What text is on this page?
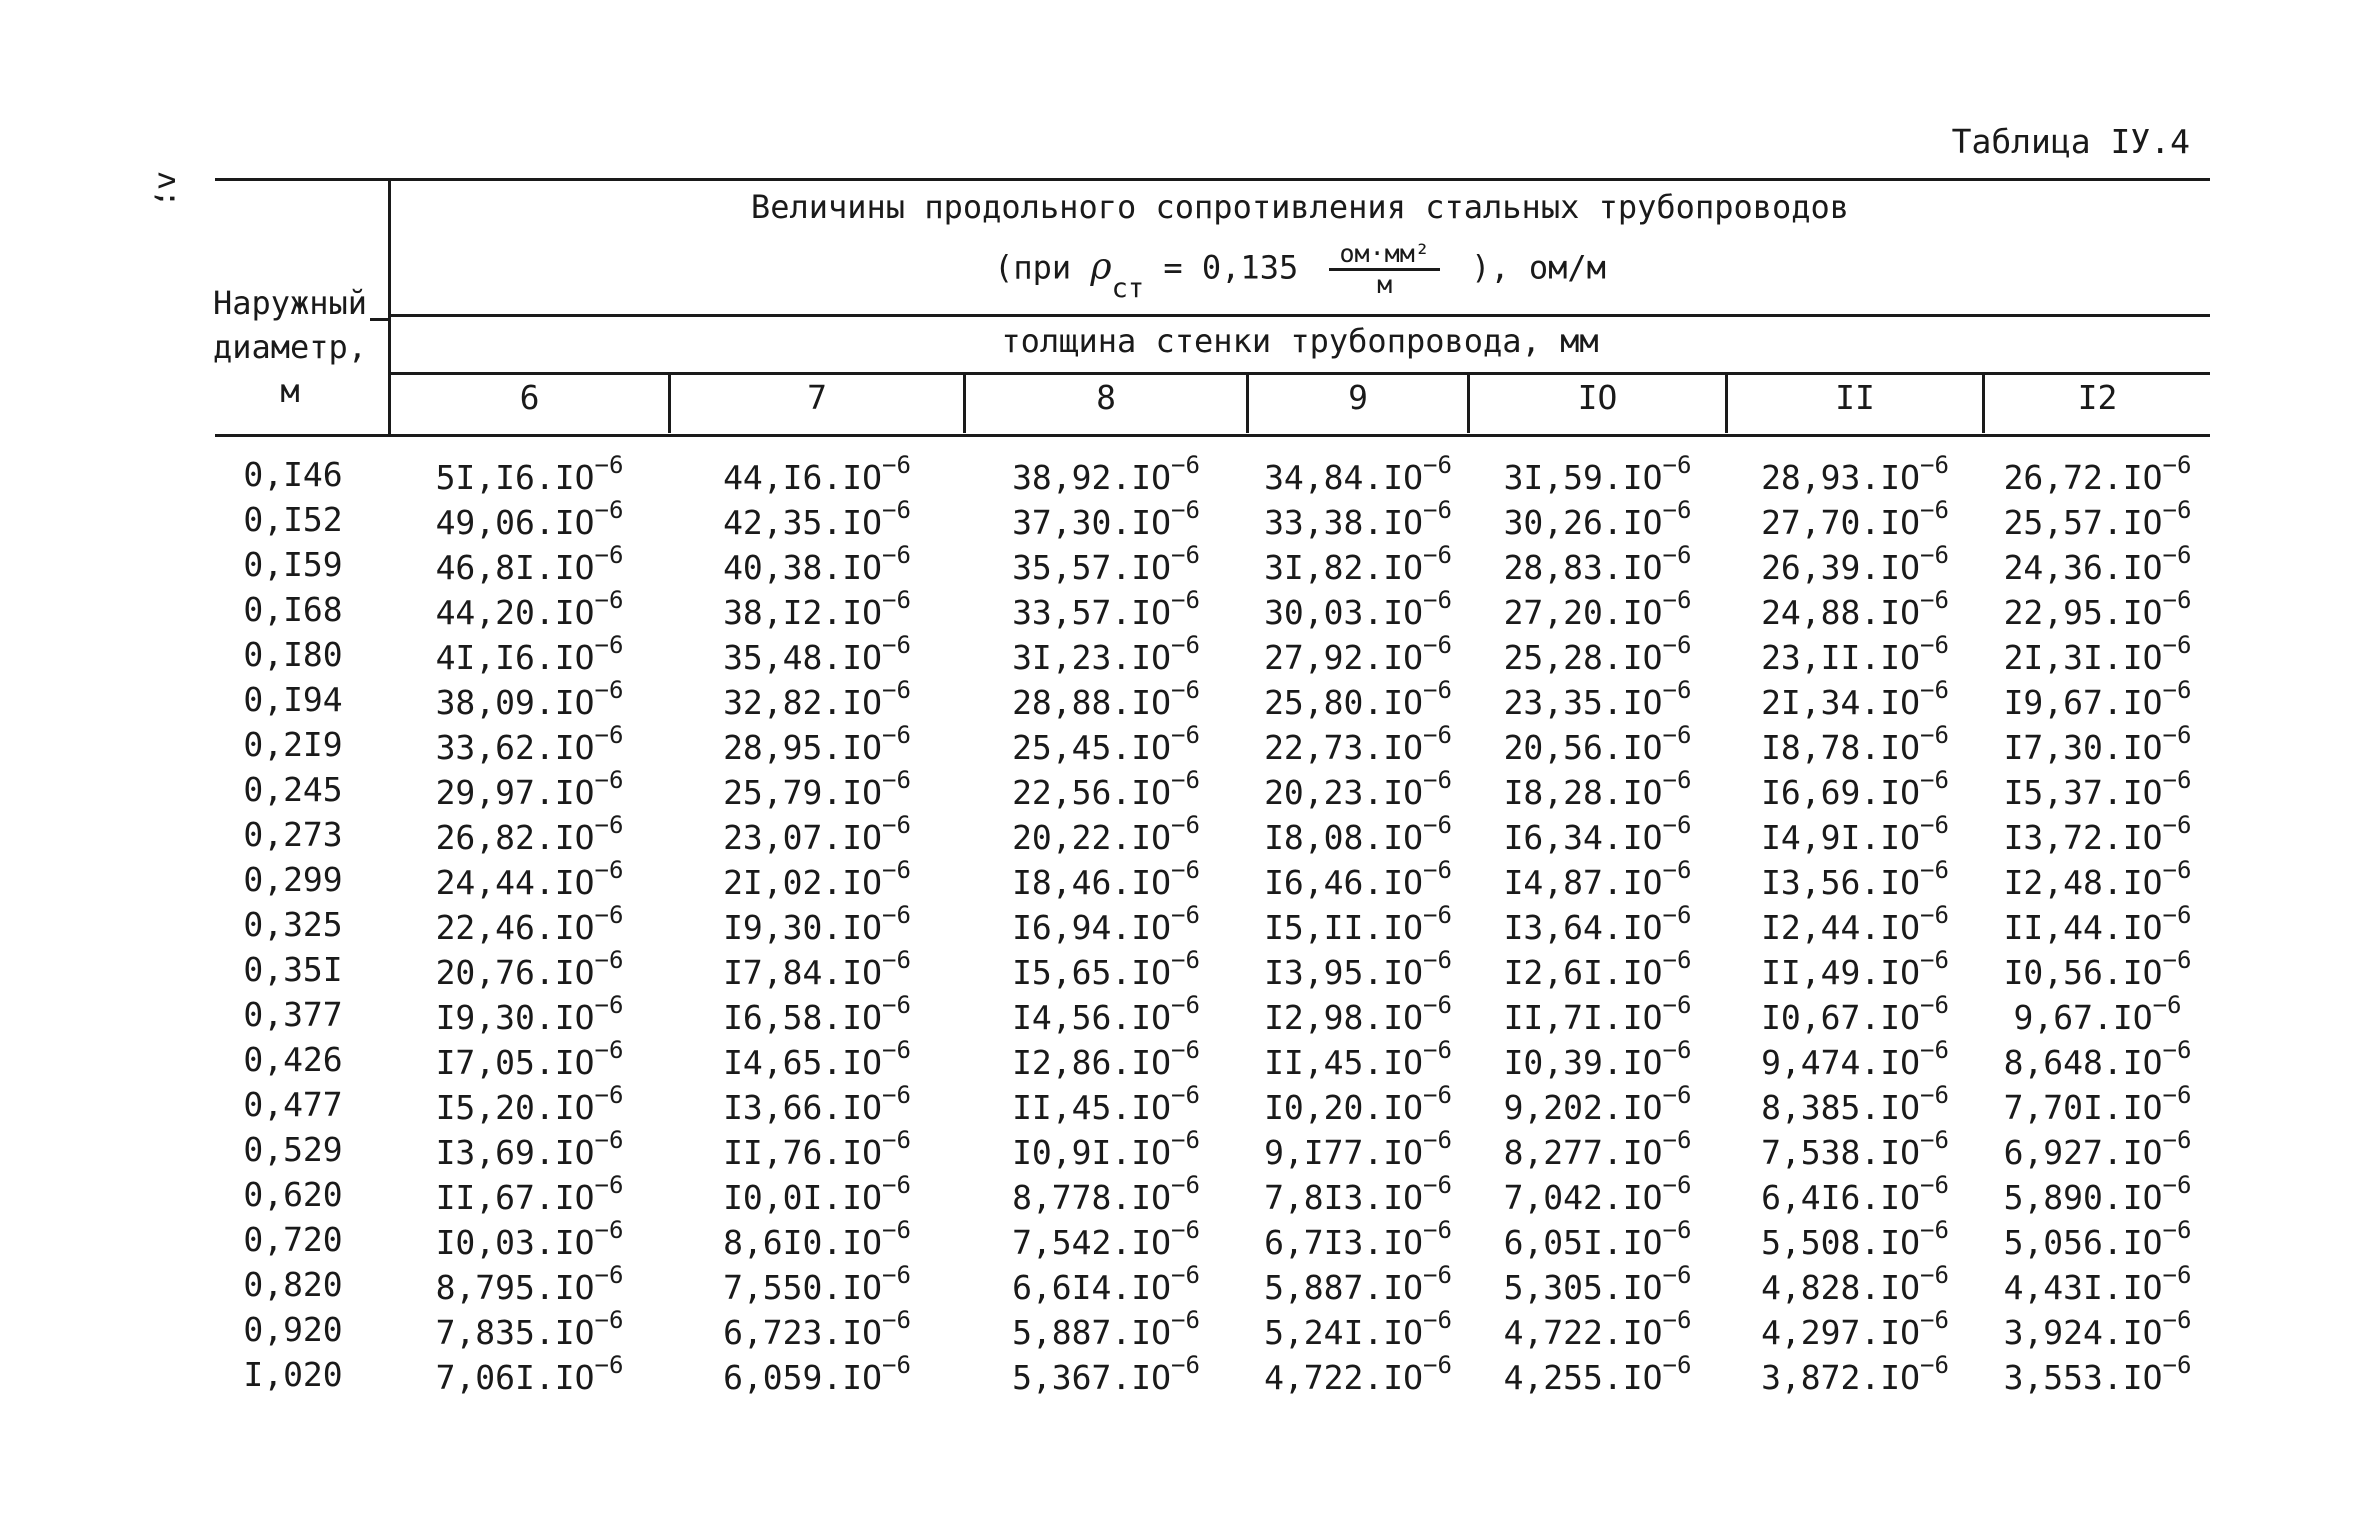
Таблица IУ.4
ʌ;
Наружный
диаметр,
м
Величины продольного сопротивления стальных трубопроводов
(при $\rho_{ст} = 0,135 \frac{\text{ом·мм²}}{м}$ ), ом/м
толщина стенки трубопровода, мм
6	7	8	9	IO	II	I2
0,I46	$5I,I6.IO^{-6}$	$44,I6.IO^{-6}$	$38,92.IO^{-6}$	$34,84.IO^{-6}$	$3I,59.IO^{-6}$	$28,93.IO^{-6}$	$26,72.IO^{-6}$
0,I52	$49,06.IO^{-6}$	$42,35.IO^{-6}$	$37,30.IO^{-6}$	$33,38.IO^{-6}$	$30,26.IO^{-6}$	$27,70.IO^{-6}$	$25,57.IO^{-6}$
0,I59	$46,8I.IO^{-6}$	$40,38.IO^{-6}$	$35,57.IO^{-6}$	$3I,82.IO^{-6}$	$28,83.IO^{-6}$	$26,39.IO^{-6}$	$24,36.IO^{-6}$
0,I68	$44,20.IO^{-6}$	$38,I2.IO^{-6}$	$33,57.IO^{-6}$	$30,03.IO^{-6}$	$27,20.IO^{-6}$	$24,88.IO^{-6}$	$22,95.IO^{-6}$
0,I80	$4I,I6.IO^{-6}$	$35,48.IO^{-6}$	$3I,23.IO^{-6}$	$27,92.IO^{-6}$	$25,28.IO^{-6}$	$23,II.IO^{-6}$	$2I,3I.IO^{-6}$
0,I94	$38,09.IO^{-6}$	$32,82.IO^{-6}$	$28,88.IO^{-6}$	$25,80.IO^{-6}$	$23,35.IO^{-6}$	$2I,34.IO^{-6}$	$I9,67.IO^{-6}$
0,2I9	$33,62.IO^{-6}$	$28,95.IO^{-6}$	$25,45.IO^{-6}$	$22,73.IO^{-6}$	$20,56.IO^{-6}$	$I8,78.IO^{-6}$	$I7,30.IO^{-6}$
0,245	$29,97.IO^{-6}$	$25,79.IO^{-6}$	$22,56.IO^{-6}$	$20,23.IO^{-6}$	$I8,28.IO^{-6}$	$I6,69.IO^{-6}$	$I5,37.IO^{-6}$
0,273	$26,82.IO^{-6}$	$23,07.IO^{-6}$	$20,22.IO^{-6}$	$I8,08.IO^{-6}$	$I6,34.IO^{-6}$	$I4,9I.IO^{-6}$	$I3,72.IO^{-6}$
0,299	$24,44.IO^{-6}$	$2I,02.IO^{-6}$	$I8,46.IO^{-6}$	$I6,46.IO^{-6}$	$I4,87.IO^{-6}$	$I3,56.IO^{-6}$	$I2,48.IO^{-6}$
0,325	$22,46.IO^{-6}$	$I9,30.IO^{-6}$	$I6,94.IO^{-6}$	$I5,II.IO^{-6}$	$I3,64.IO^{-6}$	$I2,44.IO^{-6}$	$II,44.IO^{-6}$
0,35I	$20,76.IO^{-6}$	$I7,84.IO^{-6}$	$I5,65.IO^{-6}$	$I3,95.IO^{-6}$	$I2,6I.IO^{-6}$	$II,49.IO^{-6}$	$I0,56.IO^{-6}$
0,377	$I9,30.IO^{-6}$	$I6,58.IO^{-6}$	$I4,56.IO^{-6}$	$I2,98.IO^{-6}$	$II,7I.IO^{-6}$	$I0,67.IO^{-6}$	$9,67.IO^{-6}$
0,426	$I7,05.IO^{-6}$	$I4,65.IO^{-6}$	$I2,86.IO^{-6}$	$II,45.IO^{-6}$	$I0,39.IO^{-6}$	$9,474.IO^{-6}$	$8,648.IO^{-6}$
0,477	$I5,20.IO^{-6}$	$I3,66.IO^{-6}$	$II,45.IO^{-6}$	$I0,20.IO^{-6}$	$9,202.IO^{-6}$	$8,385.IO^{-6}$	$7,70I.IO^{-6}$
0,529	$I3,69.IO^{-6}$	$II,76.IO^{-6}$	$I0,9I.IO^{-6}$	$9,I77.IO^{-6}$	$8,277.IO^{-6}$	$7,538.IO^{-6}$	$6,927.IO^{-6}$
0,620	$II,67.IO^{-6}$	$I0,0I.IO^{-6}$	$8,778.IO^{-6}$	$7,8I3.IO^{-6}$	$7,042.IO^{-6}$	$6,4I6.IO^{-6}$	$5,890.IO^{-6}$
0,720	$I0,03.IO^{-6}$	$8,6I0.IO^{-6}$	$7,542.IO^{-6}$	$6,7I3.IO^{-6}$	$6,05I.IO^{-6}$	$5,508.IO^{-6}$	$5,056.IO^{-6}$
0,820	$8,795.IO^{-6}$	$7,550.IO^{-6}$	$6,6I4.IO^{-6}$	$5,887.IO^{-6}$	$5,305.IO^{-6}$	$4,828.IO^{-6}$	$4,43I.IO^{-6}$
0,920	$7,835.IO^{-6}$	$6,723.IO^{-6}$	$5,887.IO^{-6}$	$5,24I.IO^{-6}$	$4,722.IO^{-6}$	$4,297.IO^{-6}$	$3,924.IO^{-6}$
I,020	$7,06I.IO^{-6}$	$6,059.IO^{-6}$	$5,367.IO^{-6}$	$4,722.IO^{-6}$	$4,255.IO^{-6}$	$3,872.IO^{-6}$	$3,553.IO^{-6}$
